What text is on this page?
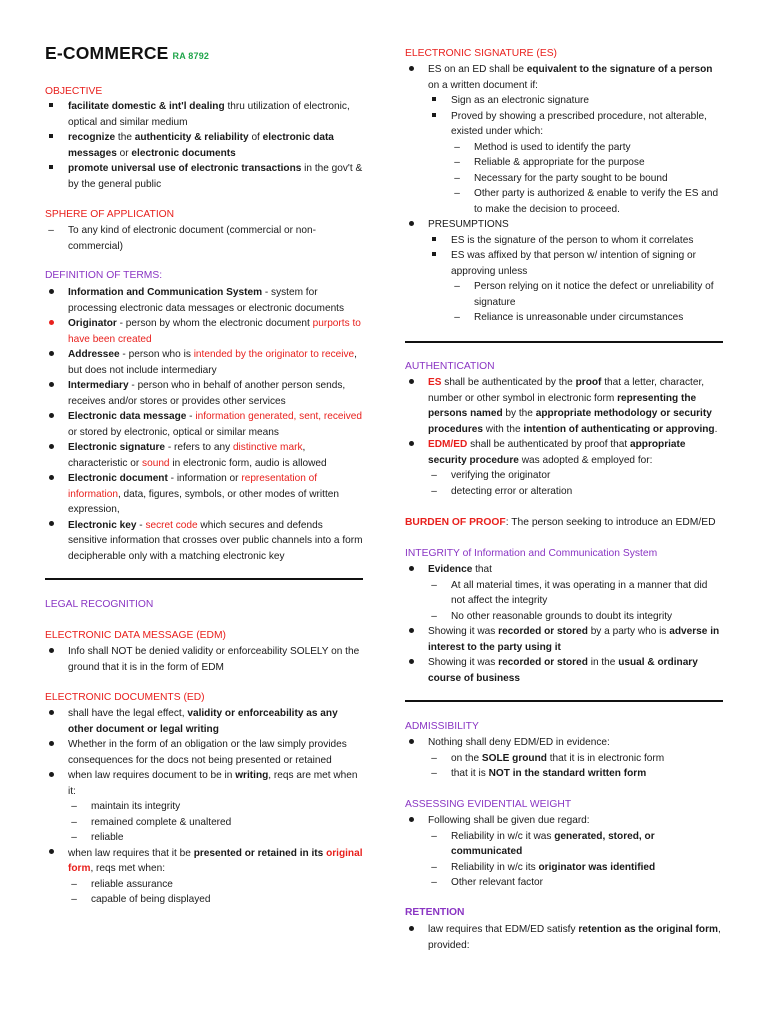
E-COMMERCE RA 8792
OBJECTIVE
facilitate domestic & int'l dealing thru utilization of electronic, optical and similar medium
recognize the authenticity & reliability of electronic data messages or electronic documents
promote universal use of electronic transactions in the gov't & by the general public
SPHERE OF APPLICATION
–	To any kind of electronic document (commercial or non-commercial)
DEFINITION OF TERMS:
Information and Communication System - system for processing electronic data messages or electronic documents
Originator - person by whom the electronic document purports to have been created
Addressee - person who is intended by the originator to receive, but does not include intermediary
Intermediary - person who in behalf of another person sends, receives and/or stores or provides other services
Electronic data message - information generated, sent, received or stored by electronic, optical or similar means
Electronic signature - refers to any distinctive mark, characteristic or sound in electronic form, audio is allowed
Electronic document - information or representation of information, data, figures, symbols, or other modes of written expression,
Electronic key - secret code which secures and defends sensitive information that crosses over public channels into a form decipherable only with a matching electronic key
LEGAL RECOGNITION
ELECTRONIC DATA MESSAGE (EDM)
Info shall NOT be denied validity or enforceability SOLELY on the ground that it is in the form of EDM
ELECTRONIC DOCUMENTS (ED)
shall have the legal effect, validity or enforceability as any other document or legal writing
Whether in the form of an obligation or the law simply provides consequences for the docs not being presented or retained
when law requires document to be in writing, reqs are met when it:
–	maintain its integrity
–	remained complete & unaltered
–	reliable
when law requires that it be presented or retained in its original form, reqs met when:
–	reliable assurance
–	capable of being displayed
ELECTRONIC SIGNATURE (ES)
ES on an ED shall be equivalent to the signature of a person on a written document if:
Sign as an electronic signature
Proved by showing a prescribed procedure, not alterable, existed under which:
–	Method is used to identify the party
–	Reliable & appropriate for the purpose
–	Necessary for the party sought to be bound
–	Other party is authorized & enable to verify the ES and to make the decision to proceed.
PRESUMPTIONS
ES is the signature of the person to whom it correlates
ES was affixed by that person w/ intention of signing or approving unless
–	Person relying on it notice the defect or unreliability of signature
–	Reliance is unreasonable under circumstances
AUTHENTICATION
ES shall be authenticated by the proof that a letter, character, number or other symbol in electronic form representing the persons named by the appropriate methodology or security procedures with the intention of authenticating or approving.
EDM/ED shall be authenticated by proof that appropriate security procedure was adopted & employed for:
–	verifying the originator
–	detecting error or alteration
BURDEN OF PROOF: The person seeking to introduce an EDM/ED
INTEGRITY of Information and Communication System
Evidence that
–	At all material times, it was operating in a manner that did not affect the integrity
–	No other reasonable grounds to doubt its integrity
Showing it was recorded or stored by a party who is adverse in interest to the party using it
Showing it was recorded or stored in the usual & ordinary course of business
ADMISSIBILITY
Nothing shall deny EDM/ED in evidence:
–	on the SOLE ground that it is in electronic form
–	that it is NOT in the standard written form
ASSESSING EVIDENTIAL WEIGHT
Following shall be given due regard:
–	Reliability in w/c it was generated, stored, or communicated
–	Reliability in w/c its originator was identified
–	Other relevant factor
RETENTION
law requires that EDM/ED satisfy retention as the original form, provided:
